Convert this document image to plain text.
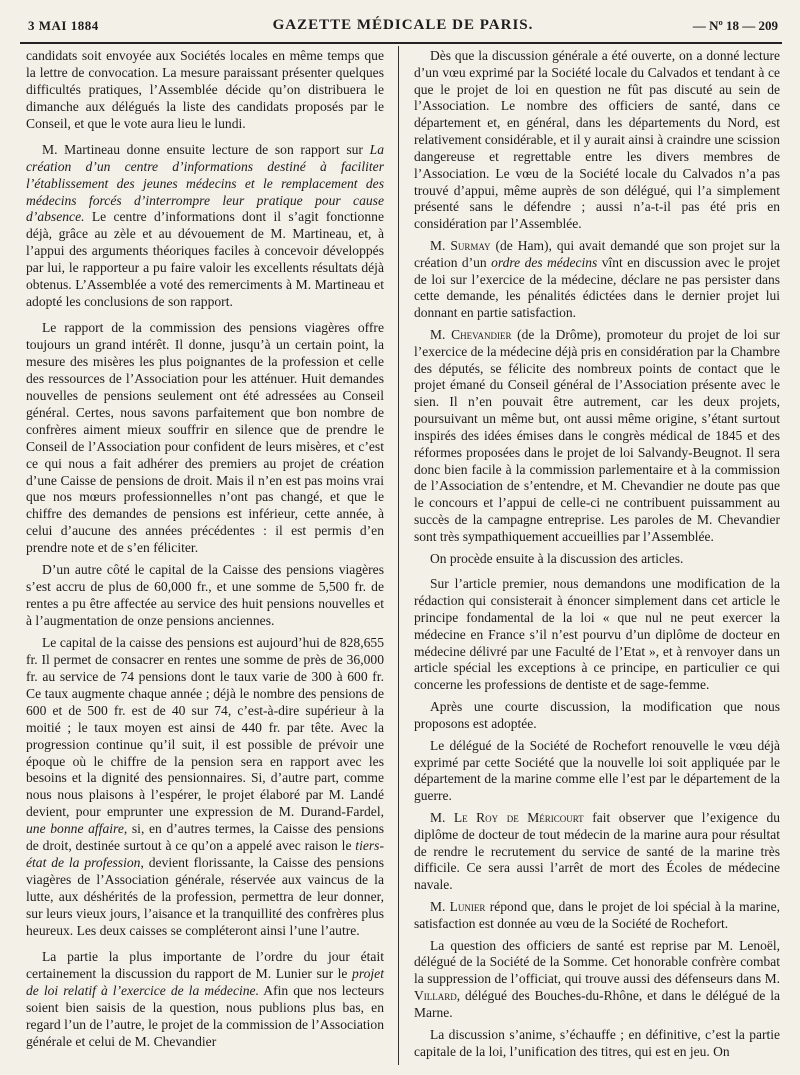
3 MAI 1884	GAZETTE MÉDICALE DE PARIS.	— Nº 18 — 209

candidats soit envoyée aux Sociétés locales en même temps que la lettre de convocation. La mesure paraissant présenter quelques difficultés pratiques, l’Assemblée décide qu’on distribuera le dimanche aux délégués la liste des candidats proposés par le Conseil, et que le vote aura lieu le lundi.

M. Martineau donne ensuite lecture de son rapport sur La création d’un centre d’informations destiné à faciliter l’établissement des jeunes médecins et le remplacement des médecins forcés d’interrompre leur pratique pour cause d’absence. Le centre d’informations dont il s’agit fonctionne déjà, grâce au zèle et au dévouement de M. Martineau, et, à l’appui des arguments théoriques faciles à concevoir développés par lui, le rapporteur a pu faire valoir les excellents résultats déjà obtenus. L’Assemblée a voté des remerciments à M. Martineau et adopté les conclusions de son rapport.

Le rapport de la commission des pensions viagères offre toujours un grand intérêt. Il donne, jusqu’à un certain point, la mesure des misères les plus poignantes de la profession et celle des ressources de l’Association pour les atténuer. Huit demandes nouvelles de pensions seulement ont été adressées au Conseil général. Certes, nous savons parfaitement que bon nombre de confrères aiment mieux souffrir en silence que de prendre le Conseil de l’Association pour confident de leurs misères, et c’est ce qui nous a fait adhérer des premiers au projet de création d’une Caisse de pensions de droit. Mais il n’en est pas moins vrai que nos mœurs professionnelles n’ont pas changé, et que le chiffre des demandes de pensions est inférieur, cette année, à celui d’aucune des années précédentes : il est permis d’en prendre note et de s’en féliciter.

D’un autre côté le capital de la Caisse des pensions viagères s’est accru de plus de 60,000 fr., et une somme de 5,500 fr. de rentes a pu être affectée au service des huit pensions nouvelles et à l’augmentation de onze pensions anciennes.

Le capital de la caisse des pensions est aujourd’hui de 828,655 fr. Il permet de consacrer en rentes une somme de près de 36,000 fr. au service de 74 pensions dont le taux varie de 300 à 600 fr. Ce taux augmente chaque année ; déjà le nombre des pensions de 600 et de 500 fr. est de 40 sur 74, c’est-à-dire supérieur à la moitié ; le taux moyen est ainsi de 440 fr. par tête. Avec la progression continue qu’il suit, il est possible de prévoir une époque où le chiffre de la pension sera en rapport avec les besoins et la dignité des pensionnaires. Si, d’autre part, comme nous nous plaisons à l’espérer, le projet élaboré par M. Landé devient, pour emprunter une expression de M. Durand-Fardel, une bonne affaire, si, en d’autres termes, la Caisse des pensions de droit, destinée surtout à ce qu’on a appelé avec raison le tiers-état de la profession, devient florissante, la Caisse des pensions viagères de l’Association générale, réservée aux vaincus de la lutte, aux déshérités de la profession, permettra de leur donner, sur leurs vieux jours, l’aisance et la tranquillité des confrères plus heureux. Les deux caisses se compléteront ainsi l’une l’autre.

La partie la plus importante de l’ordre du jour était certainement la discussion du rapport de M. Lunier sur le projet de loi relatif à l’exercice de la médecine. Afin que nos lecteurs soient bien saisis de la question, nous publions plus bas, en regard l’un de l’autre, le projet de la commission de l’Association générale et celui de M. Chevandier

Dès que la discussion générale a été ouverte, on a donné lecture d’un vœu exprimé par la Société locale du Calvados et tendant à ce que le projet de loi en question ne fût pas discuté au sein de l’Association. Le nombre des officiers de santé, dans ce département et, en général, dans les départements du Nord, est relativement considérable, et il y aurait ainsi à craindre une scission dangereuse et regrettable entre les divers membres de l’Association. Le vœu de la Société locale du Calvados n’a pas trouvé d’appui, même auprès de son délégué, qui l’a simplement présenté sans le défendre ; aussi n’a-t-il pas été pris en considération par l’Assemblée.

M. Surmay (de Ham), qui avait demandé que son projet sur la création d’un ordre des médecins vînt en discussion avec le projet de loi sur l’exercice de la médecine, déclare ne pas persister dans cette demande, les pénalités édictées dans le dernier projet lui donnant en partie satisfaction.

M. Chevandier (de la Drôme), promoteur du projet de loi sur l’exercice de la médecine déjà pris en considération par la Chambre des députés, se félicite des nombreux points de contact que le projet émané du Conseil général de l’Association présente avec le sien. Il n’en pouvait être autrement, car les deux projets, poursuivant un même but, ont aussi même origine, s’étant surtout inspirés des idées émises dans le congrès médical de 1845 et des réformes proposées dans le projet de loi Salvandy-Beugnot. Il sera donc bien facile à la commission parlementaire et à la commission de l’Association de s’entendre, et M. Chevandier ne doute pas que le concours et l’appui de celle-ci ne contribuent puissamment au succès de la campagne entreprise. Les paroles de M. Chevandier sont très sympathiquement accueillies par l’Assemblée.

On procède ensuite à la discussion des articles.

Sur l’article premier, nous demandons une modification de la rédaction qui consisterait à énoncer simplement dans cet article le principe fondamental de la loi « que nul ne peut exercer la médecine en France s’il n’est pourvu d’un diplôme de docteur en médecine délivré par une Faculté de l’Etat », et à renvoyer dans un article spécial les exceptions à ce principe, en particulier ce qui concerne les professions de dentiste et de sage-femme.

Après une courte discussion, la modification que nous proposons est adoptée.

Le délégué de la Société de Rochefort renouvelle le vœu déjà exprimé par cette Société que la nouvelle loi soit appliquée par le département de la marine comme elle l’est par le département de la guerre.

M. Le Roy de Méricourt fait observer que l’exigence du diplôme de docteur de tout médecin de la marine aura pour résultat de rendre le recrutement du service de santé de la marine très difficile. Ce sera aussi l’arrêt de mort des Écoles de médecine navale.

M. Lunier répond que, dans le projet de loi spécial à la marine, satisfaction est donnée au vœu de la Société de Rochefort.

La question des officiers de santé est reprise par M. Lenoël, délégué de la Société de la Somme. Cet honorable confrère combat la suppression de l’officiat, qui trouve aussi des défenseurs dans M. Villard, délégué des Bouches-du-Rhône, et dans le délégué de la Marne.

La discussion s’anime, s’échauffe ; en définitive, c’est la partie capitale de la loi, l’unification des titres, qui est en jeu. On
